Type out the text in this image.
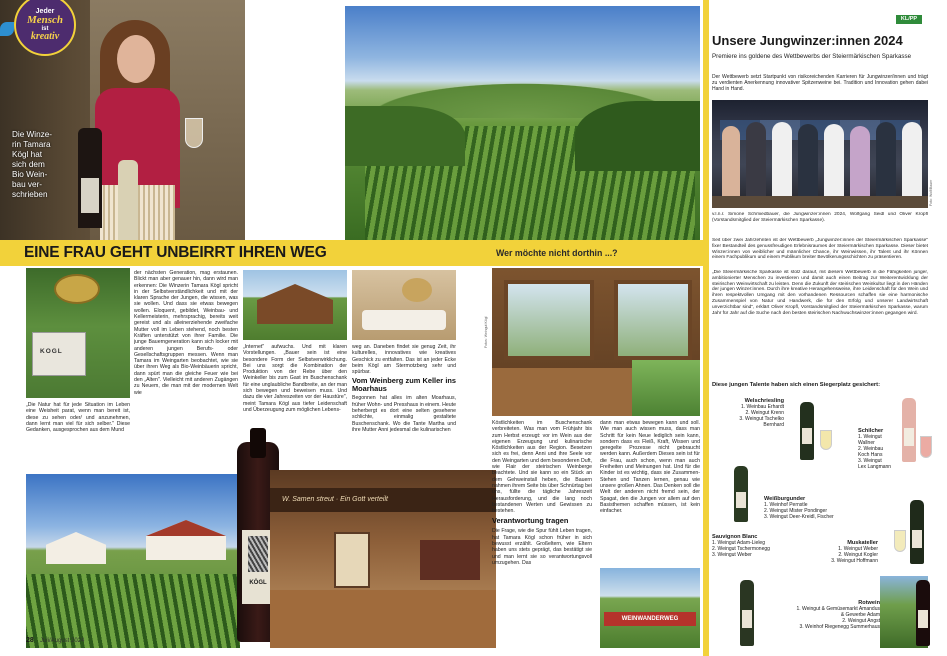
Die Winze-
rin Tamara
Kögl hat
sich dem
Bio Wein-
bau ver-
schrieben
Jeder
Mensch
ist
kreativ
EINE FRAU GEHT UNBEIRRT IHREN WEG	Wer möchte nicht dorthin ...?
KOGL
„Die Natur hat für jede Situation im Leben eine Weisheit parat, wenn man bereit ist, diese zu sehen oder/ und anzunehmen, dann lernt man viel für sich selber." Diese Gedanken, ausgesprochen aus dem Mund
der nächsten Generation, mag erstaunen. Blickt man aber genauer hin, dann wird man erkennen: Die Winzerin Tamara Kögl spricht in der Selbstverständlichkeit und mit der klaren Sprache der Jungen, die wissen, was sie wollen. Und dass sie etwas bewegen wollen. Eloquent, gebildet, Weinbau- und Kellermeisterin, mehrsprachig, bereits weit gereist und als alleinerziehende zweifache Mutter voll im Leben stehend, noch besten Kräften unterstützt von ihrer Familie. Die junge Bauerngeneration kann sich locker mit anderen jungen Berufs- oder Gesellschaftsgruppen messen. Wenn man Tamara im Weingarten beobachtet, wie sie über ihren Weg als Bio-Weinbäuerin spricht, dann spürt man die gleiche Feuer wie bei den „Alten". Vielleicht mit anderen Zugängen zu Neuem, die man mit der modernen Welt wie
„Internet" aufwuchs. Und mit klaren Vorstellungen. „Bauer sein ist eine besondere Form der Selbstverwirklichung. Bei uns sorgt die Kombination der Produktion von der Rebe über den Weinkeller bis zum Gast im Buschenschank für eine unglaubliche Bandbreite, an der man sich bewegen und beweisen muss. Und dazu die vier Jahreszeiten vor der Haustüre", meint Tamara Kögl aus tiefer Leidenschaft und Überzeugung zum möglichen Lebens-

weg an. Daneben findet sie genug Zeit, ihr kulturelles, innovatives wie kreatives Geschick zu entfalten. Das ist an jeder Ecke beim Kögl am Stermotzberg sehr und spürbar.

Vom Weinberg zum Keller ins Moarhaus

Begonnen hat alles im alten Moarhaus, früher Wohn- und Presshaus in einem. Heute beherbergt es dort eine selten gesehene schlichte, einmalig gestaltete Buschenschank. Wo die Tante Martha und ihre Mutter Anni jedesmal die kulinarischen

KÖGL
W. Samen streut · Ein Gott verteilt
Fotos: Weingut Kögl

Köstlichkeiten im Buschenschank verbreiteten. Was man vom Frühjahr bis zum Herbst erzeugt: vor im Wein aus der eigenen Erzeugung und kulinarische Köstlichkeiten aus der Region. Besetzen sich es frei, denn Anni und ihre Seele vor den Weingarten und dem besonderen Duft, wie Flair der steirischen Weinberge beachtete. Und sie kann so ein Stück an dem Gehweinstall heben, die Bauern nahmen ihrem Seite bis über Schnürtag bei uns, füllte die tägliche Jahreszeit Herausforderung, und die lang noch bestandenen Werten und Gewissen zu bestehen.

Verantwortung tragen

Die Frage, wie die Spur fühlt Leben tragen, hat Tamara Kögl schon früher in sich bewusst erzählt. Großeltern, wie Eltern haben uns stets geprägt, das bestätigt sie und man lernt sie so verantwortungsvoll umzugehen. Das

dann man etwas bewegen kann und soll. Wie man auch wissen muss, dass man Schritt für kein Neue lediglich sein kann, sondern dass es Fleiß, Kraft, Wissen und geregelte Prozesse nicht gebraucht werden kann. Außerdem Dieses sein ist für die Frau, auch schon, wenn man auch Freiheiten und Meinungen hat. Und für die Kinder ist es wichtig, dass sie Zusammen-Stehen und Tanzen lernen, genau wie unsere großen Ahnen. Das Denken soll die Welt der anderen nicht fremd sein, der Spagat, den die Jungen vor allem auf den Basisthemen schaffen müssen, ist kein einfacher.
WEINWANDERWEG
28	Juli/August 2024
KL/PP
Unsere Jungwinzer:innen 2024
Premiere ins goldene des Wettbewerbs der Steiermärkischen Sparkasse
Der Wettbewerb setzt Startpunkt von risikoreichenden Karrieren für Jungwinzer/innen und trägt zu verdienten Anerkennung innovativer Spitzenweine bei. Tradition und Innovation gehen dabei Hand in Hand.
Foto: Wolf/Bauer
v.l.n.r. Simone Schmiedbauer, die Jungwinzer:innen 2024, Wolfgang Seidl und Oliver Kropfl (Vorstandsmitglied der Steiermärkischen Sparkasse).
Seit über zwei Jahrzehnten ist der Wettbewerb „Jungwinzer:innen der Steiermärkischen Sparkasse" fixer Bestandteil des genussfreudigen Erlebnisraumes der Steiermärkischen Sparkasse. Dieser bietet Winzer:innen von weiblicher und männlicher Chance, ihr Weinwissen, ihr Talent und ihr Können einem Fachpublikum und einem Publikum breiter Bevölkerungsschichten zu präsentieren.
„Die Steiermärkische Sparkasse ist stolz darauf, mit diesem Wettbewerb in die Fähigkeiten junger, ambitionierter Menschen zu investieren und damit auch einen Beitrag zur Weiterentwicklung der steirischen Weinwirtschaft zu leisten. Denn die Zukunft der steirischen Weinkultur liegt in den Händen der jungen Winzer:innen. Durch ihre kreative Herangehensweise, ihre Leidenschaft für den Wein und ihren respektvollen Umgang mit den vorhandenen Ressourcen schaffen sie eine harmonische Zusammenspiel von Natur und Handwerk, die für den Erfolg und unserer Landwirtschaft unverzichtbar sind", erklärt Oliver Kropfl, Vorstandsmitglied der Steiermärkischen Sparkasse, warum Jahr für Jahr auf die Suche nach den besten steirischen Nachwuchswinzer:innen gegangen wird.
Diese jungen Talente haben sich einen Siegerplatz gesichert:
Welschriesling
1. Weinbau Erhardt
2. Weingut Krenn
3. Weingut Tschelko
Bernhard
Schilcher
1. Weingut
Wallner
2. Weinbau
Koch Hans
3. Weingut
Lex Langmann
Weißburgunder
1. Weinhof Pernstle
2. Weingut Mister Pondinger
3. Weingut Deer-Kreidl, Fischer
Sauvignon Blanc
1. Weingut Adam-Lieleg
2. Weingut Tschermonegg
3. Weingut Weber
Muskateller
1. Weingut Weber
2. Weingut Kogler
3. Weingut Hoffmann
Rotwein
1. Weingut & Gemüsemarkt Amandus
& Gewerbe Adam
2. Weingut Angst
3. Weinhof Riegenegg Summerhaus
